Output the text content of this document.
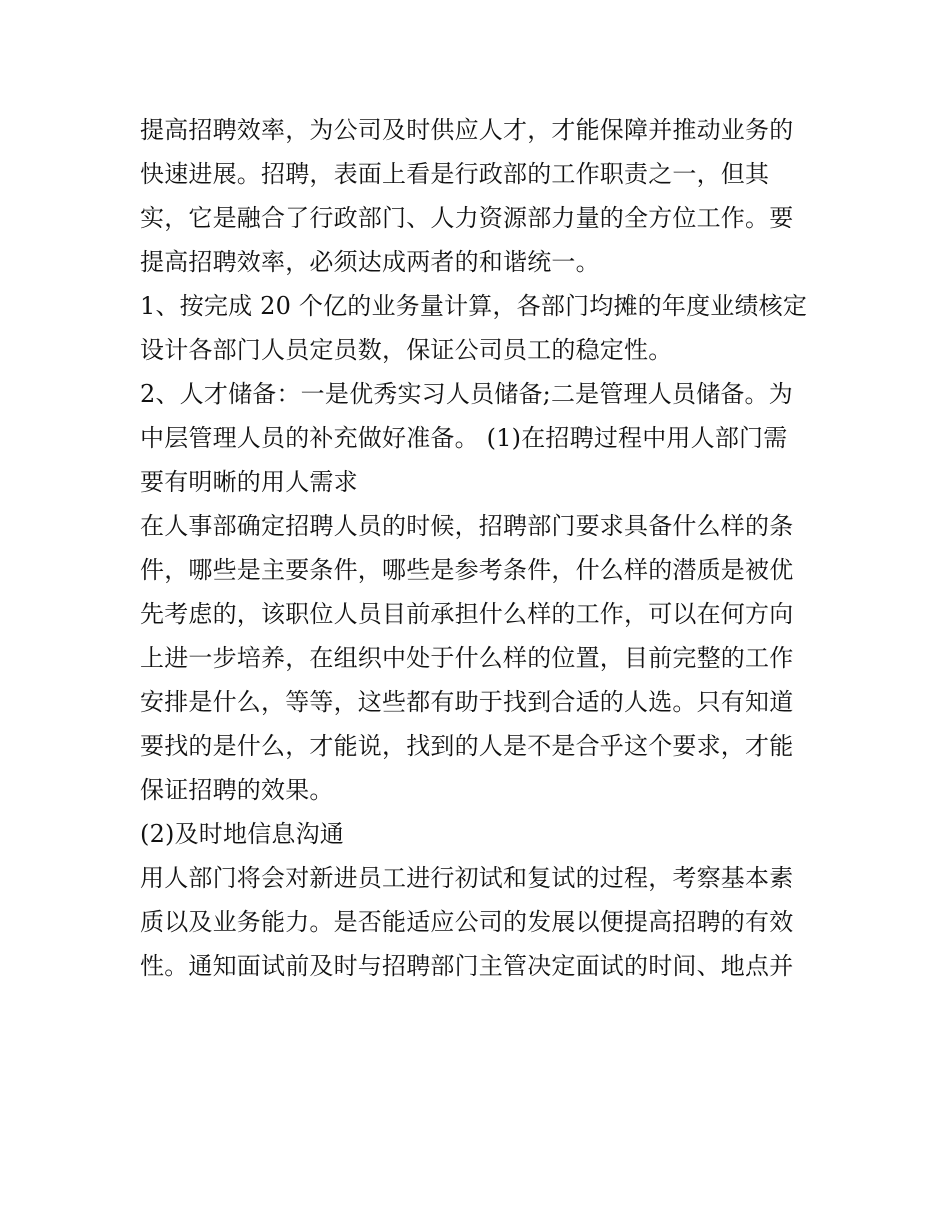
提高招聘效率，为公司及时供应人才，才能保障并推动业务的
快速进展。招聘，表面上看是行政部的工作职责之一，但其
实，它是融合了行政部门、人力资源部力量的全方位工作。要
提高招聘效率，必须达成两者的和谐统一。
1、按完成 20 个亿的业务量计算，各部门均摊的年度业绩核定
设计各部门人员定员数，保证公司员工的稳定性。
2、人才储备：一是优秀实习人员储备;二是管理人员储备。为
中层管理人员的补充做好准备。 (1)在招聘过程中用人部门需
要有明晰的用人需求
在人事部确定招聘人员的时候，招聘部门要求具备什么样的条
件，哪些是主要条件，哪些是参考条件，什么样的潜质是被优
先考虑的，该职位人员目前承担什么样的工作，可以在何方向
上进一步培养，在组织中处于什么样的位置，目前完整的工作
安排是什么，等等，这些都有助于找到合适的人选。只有知道
要找的是什么，才能说，找到的人是不是合乎这个要求，才能
保证招聘的效果。
(2)及时地信息沟通
用人部门将会对新进员工进行初试和复试的过程，考察基本素
质以及业务能力。是否能适应公司的发展以便提高招聘的有效
性。通知面试前及时与招聘部门主管决定面试的时间、地点并
